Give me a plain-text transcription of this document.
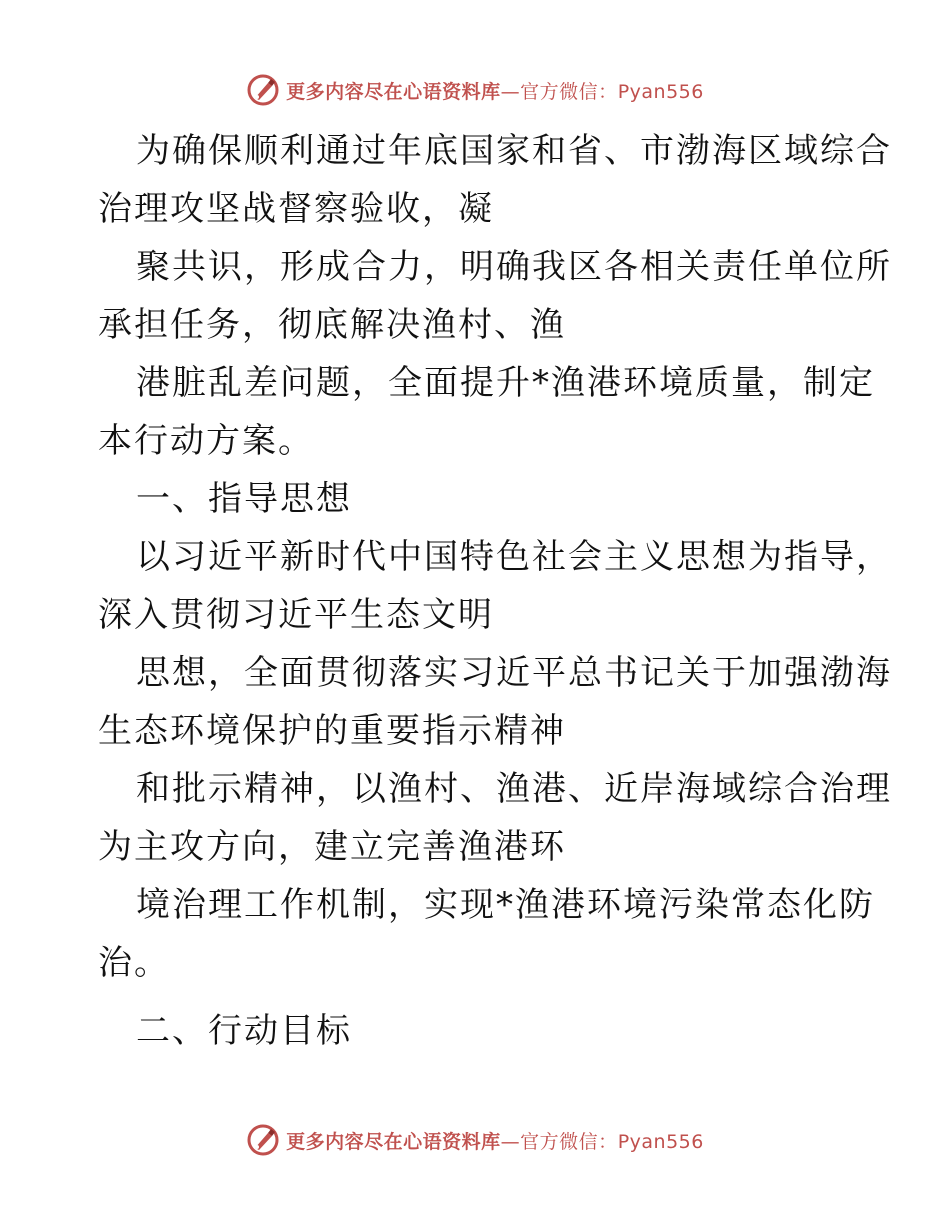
更多内容尽在心语资料库—官方微信：Pyan556

为确保顺利通过年底国家和省、市渤海区域综合
治理攻坚战督察验收，凝

聚共识，形成合力，明确我区各相关责任单位所
承担任务，彻底解决渔村、渔

港脏乱差问题，全面提升*渔港环境质量，制定
本行动方案。

一、指导思想

以习近平新时代中国特色社会主义思想为指导，
深入贯彻习近平生态文明

思想，全面贯彻落实习近平总书记关于加强渤海
生态环境保护的重要指示精神

和批示精神，以渔村、渔港、近岸海域综合治理
为主攻方向，建立完善渔港环

境治理工作机制，实现*渔港环境污染常态化防
治。

二、行动目标

更多内容尽在心语资料库—官方微信：Pyan556
